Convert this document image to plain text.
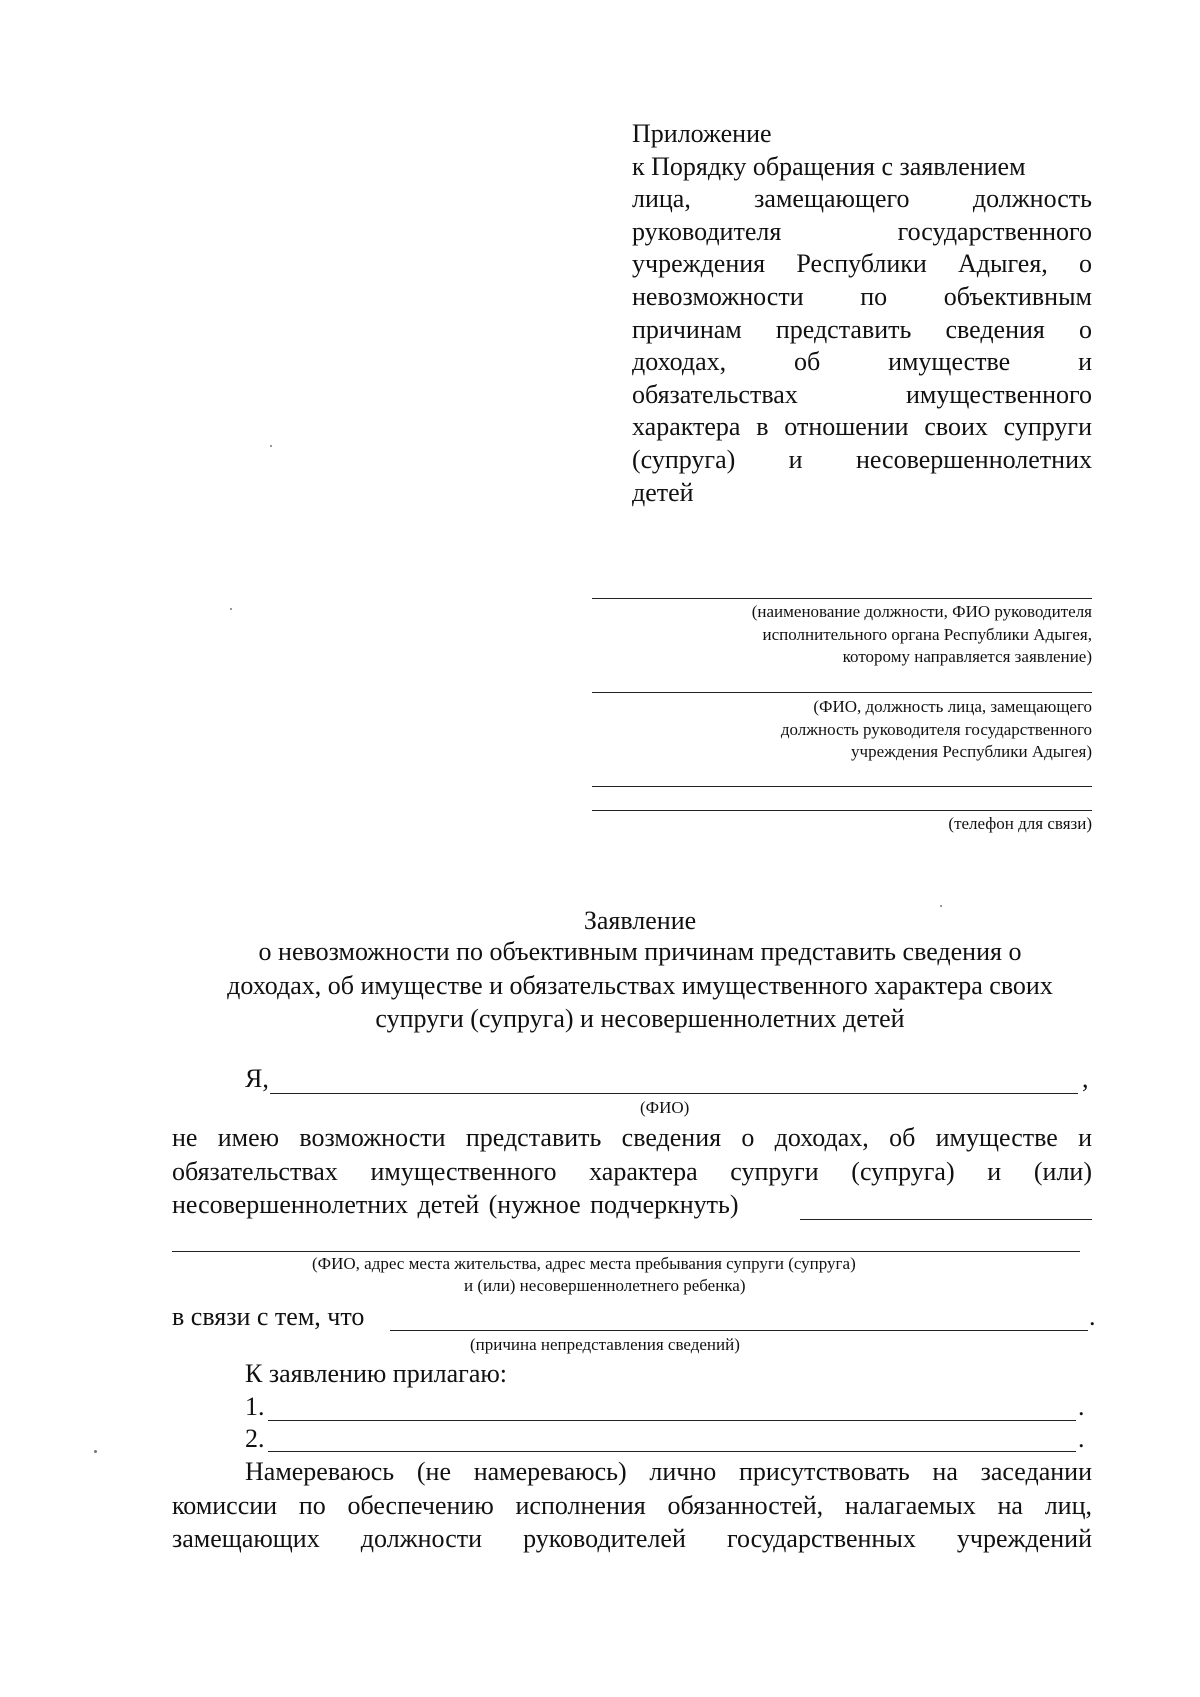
Приложение
к Порядку обращения с заявлением
лица, замещающего должность
руководителя государственного
учреждения Республики Адыгея, о
невозможности по объективным
причинам представить сведения о
доходах, об имуществе и
обязательствах имущественного
характера в отношении своих супруги
(супруга) и несовершеннолетних
детей
(наименование должности, ФИО руководителя
исполнительного органа Республики Адыгея,
которому направляется заявление)
(ФИО, должность лица, замещающего
должность руководителя государственного
учреждения Республики Адыгея)
(телефон для связи)
Заявление
о невозможности по объективным причинам представить сведения о
доходах, об имуществе и обязательствах имущественного характера своих
супруги (супруга) и несовершеннолетних детей
Я,	,
(ФИО)
не имею возможности представить сведения о доходах, об имуществе и
обязательствах имущественного характера супруги (супруга) и (или)
несовершеннолетних детей (нужное подчеркнуть)
(ФИО, адрес места жительства, адрес места пребывания супруги (супруга)
и (или) несовершеннолетнего ребенка)
в связи с тем, что	.
(причина непредставления сведений)
К заявлению прилагаю:
1.	.
2.	.
Намереваюсь (не намереваюсь) лично присутствовать на заседании
комиссии по обеспечению исполнения обязанностей, налагаемых на лиц,
замещающих должности руководителей государственных учреждений
